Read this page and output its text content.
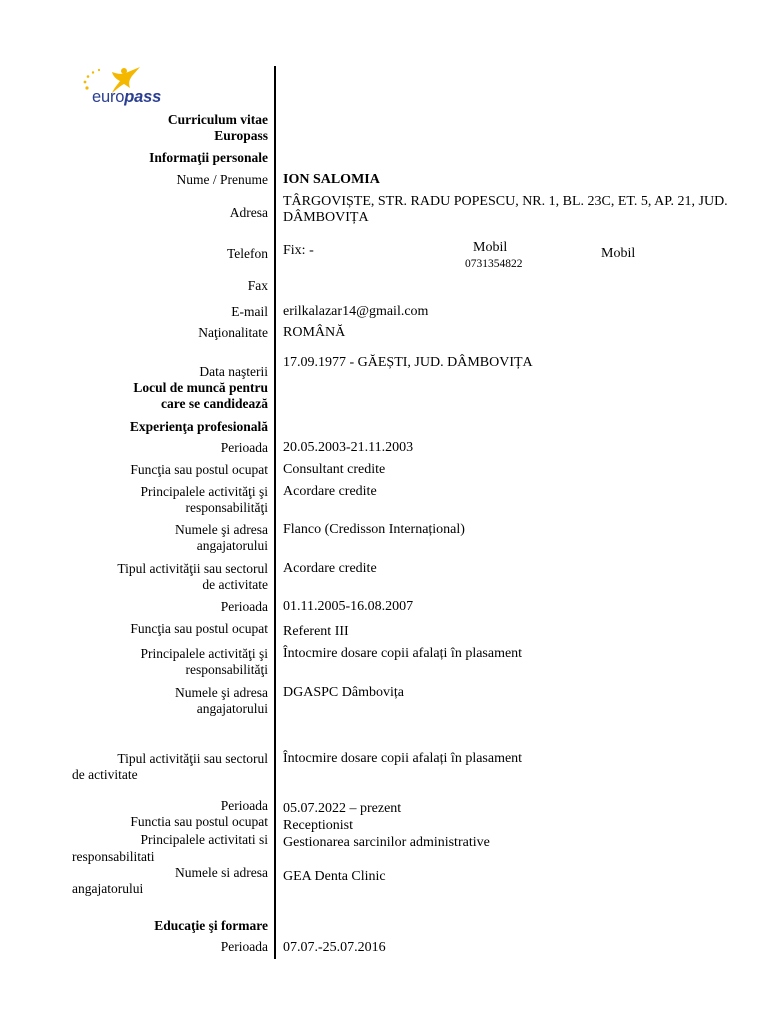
europass
Curriculum vitae
Europass
Informaţii personale
Nume / Prenume ION SALOMIA
Adresa
TÂRGOVIȘTE, STR. RADU POPESCU, NR. 1, BL. 23C, ET. 5, AP. 21, JUD. DÂMBOVIȚA
Telefon Fix: -	Mobil
0731354822
Mobil
Fax
E-mail erilkalazar14@gmail.com
Naţionalitate ROMÂNĂ
Data naşterii
17.09.1977 - GĂEȘTI, JUD. DÂMBOVIȚA
Locul de muncă pentru
care se candidează
Experienţa profesională
Perioada 20.05.2003-21.11.2003
Funcţia sau postul ocupat Consultant credite
Principalele activităţi şi
responsabilităţi
Acordare credite
Numele şi adresa
angajatorului
Flanco (Credisson Internațional)
Tipul activităţii sau sectorul
de activitate
Acordare credite
Perioada 01.11.2005-16.08.2007
Funcţia sau postul ocupat Referent III
Principalele activităţi şi
responsabilităţi
Întocmire dosare copii afalați în plasament
Numele şi adresa
angajatorului
DGASPC Dâmbovița
Tipul activităţii sau sectorul

de activitate
Întocmire dosare copii afalați în plasament
Perioada 05.07.2022 – prezent
Functia sau postul ocupat Receptionist
Principalele activitati si Gestionarea sarcinilor administrative
responsabilitati
Numele si adresa
angajatorului
GEA Denta Clinic
Educaţie şi formare
Perioada 07.07.-25.07.2016
